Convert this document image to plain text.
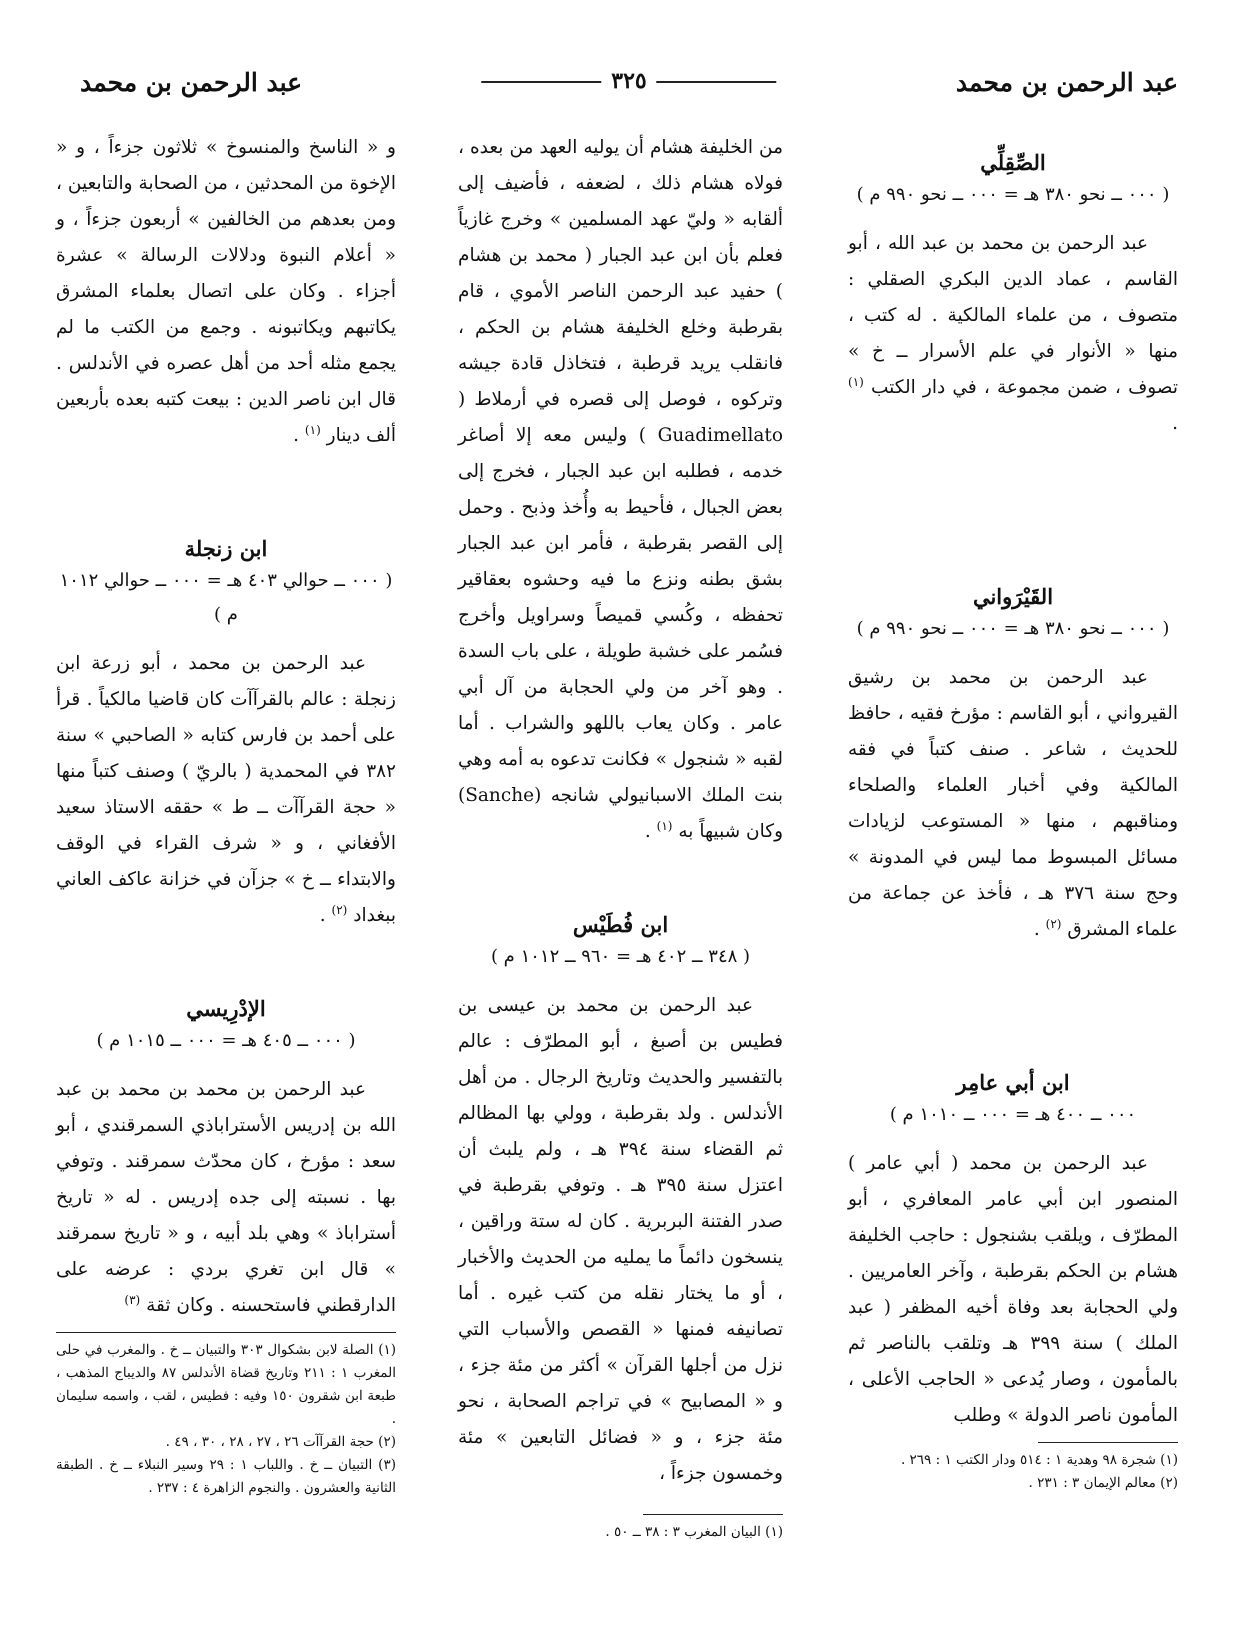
عبد الرحمن بن محمد
٣٢٥
عبد الرحمن بن محمد

الصِّقِلِّي

( ٠٠٠ ــ نحو ٣٨٠ هـ = ٠٠٠ ــ نحو ٩٩٠ م )

عبد الرحمن بن محمد بن عبد الله ، أبو القاسم ، عماد الدين البكري الصقلي : متصوف ، من علماء المالكية . له كتب ، منها « الأنوار في علم الأسرار ــ خ » تصوف ، ضمن مجموعة ، في دار الكتب $^{(١)}$ .

القَيْرَواني

( ٠٠٠ ــ نحو ٣٨٠ هـ = ٠٠٠ ــ نحو ٩٩٠ م )

عبد الرحمن بن محمد بن رشيق القيرواني ، أبو القاسم : مؤرخ فقيه ، حافظ للحديث ، شاعر . صنف كتباً في فقه المالكية وفي أخبار العلماء والصلحاء ومناقبهم ، منها « المستوعب لزيادات مسائل المبسوط مما ليس في المدونة » وحج سنة ٣٧٦ هـ ، فأخذ عن جماعة من علماء المشرق $^{(٢)}$ .

ابن أبي عامِر

٠٠٠ ــ ٤٠٠ هـ = ٠٠٠ ــ ١٠١٠ م )

عبد الرحمن بن محمد ( أبي عامر ) المنصور ابن أبي عامر المعافري ، أبو المطرّف ، ويلقب بشنجول : حاجب الخليفة هشام بن الحكم بقرطبة ، وآخر العامريين . ولي الحجابة بعد وفاة أخيه المظفر ( عبد الملك ) سنة ٣٩٩ هـ وتلقب بالناصر ثم بالمأمون ، وصار يُدعى « الحاجب الأعلى ، المأمون ناصر الدولة » وطلب

(١) شجرة ٩٨ وهدية ١ : ٥١٤ ودار الكتب ١ : ٢٦٩ .

(٢) معالم الإيمان ٣ : ٢٣١ .

من الخليفة هشام أن يوليه العهد من بعده ، فولاه هشام ذلك ، لضعفه ، فأضيف إلى ألقابه « وليّ عهد المسلمين » وخرج غازياً فعلم بأن ابن عبد الجبار ( محمد بن هشام ) حفيد عبد الرحمن الناصر الأموي ، قام بقرطبة وخلع الخليفة هشام بن الحكم ، فانقلب يريد قرطبة ، فتخاذل قادة جيشه وتركوه ، فوصل إلى قصره في أرملاط ( Guadimellato ) وليس معه إلا أصاغر خدمه ، فطلبه ابن عبد الجبار ، فخرج إلى بعض الجبال ، فأحيط به وأُخذ وذبح . وحمل إلى القصر بقرطبة ، فأمر ابن عبد الجبار بشق بطنه ونزع ما فيه وحشوه بعقاقير تحفظه ، وكُسي قميصاً وسراويل وأخرج فسُمر على خشبة طويلة ، على باب السدة . وهو آخر من ولي الحجابة من آل أبي عامر . وكان يعاب باللهو والشراب . أما لقبه « شنجول » فكانت تدعوه به أمه وهي بنت الملك الاسبانيولي شانجه (Sanche) وكان شبيهاً به $^{(١)}$ .

ابن فُطَيْس

( ٣٤٨ ــ ٤٠٢ هـ = ٩٦٠ ــ ١٠١٢ م )

عبد الرحمن بن محمد بن عيسى بن فطيس بن أصبغ ، أبو المطرّف : عالم بالتفسير والحديث وتاريخ الرجال . من أهل الأندلس . ولد بقرطبة ، وولي بها المظالم ثم القضاء سنة ٣٩٤ هـ ، ولم يلبث أن اعتزل سنة ٣٩٥ هـ . وتوفي بقرطبة في صدر الفتنة البربرية . كان له ستة وراقين ، ينسخون دائماً ما يمليه من الحديث والأخبار ، أو ما يختار نقله من كتب غيره . أما تصانيفه فمنها « القصص والأسباب التي نزل من أجلها القرآن » أكثر من مئة جزء ، و « المصابيح » في تراجم الصحابة ، نحو مئة جزء ، و « فضائل التابعين » مئة وخمسون جزءاً ،

(١) البيان المغرب ٣ : ٣٨ ــ ٥٠ .

و « الناسخ والمنسوخ » ثلاثون جزءاً ، و « الإخوة من المحدثين ، من الصحابة والتابعين ، ومن بعدهم من الخالفين » أربعون جزءاً ، و « أعلام النبوة ودلالات الرسالة » عشرة أجزاء . وكان على اتصال بعلماء المشرق يكاتبهم ويكاتبونه . وجمع من الكتب ما لم يجمع مثله أحد من أهل عصره في الأندلس . قال ابن ناصر الدين : بيعت كتبه بعده بأربعين ألف دينار $^{(١)}$ .

ابن زنجلة

( ٠٠٠ ــ حوالي ٤٠٣ هـ = ٠٠٠ ــ حوالي ١٠١٢ م )

عبد الرحمن بن محمد ، أبو زرعة ابن زنجلة : عالم بالقرآآت كان قاضيا مالكياً . قرأ على أحمد بن فارس كتابه « الصاحبي » سنة ٣٨٢ في المحمدية ( بالريّ ) وصنف كتباً منها « حجة القرآآت ــ ط » حققه الاستاذ سعيد الأفغاني ، و « شرف القراء في الوقف والابتداء ــ خ » جزآن في خزانة عاكف العاني ببغداد $^{(٢)}$ .

الإدْرِيسي

( ٠٠٠ ــ ٤٠٥ هـ = ٠٠٠ ــ ١٠١٥ م )

عبد الرحمن بن محمد بن محمد بن عبد الله بن إدريس الأستراباذي السمرقندي ، أبو سعد : مؤرخ ، كان محدّث سمرقند . وتوفي بها . نسبته إلى جده إدريس . له « تاريخ أستراباذ » وهي بلد أبيه ، و « تاريخ سمرقند » قال ابن تغري بردي : عرضه على الدارقطني فاستحسنه . وكان ثقة $^{(٣)}$

(١) الصلة لابن بشكوال ٣٠٣ والتبيان ــ خ . والمغرب في حلى المغرب ١ : ٢١١ وتاريخ قضاة الأندلس ٨٧ والديباج المذهب ، طبعة ابن شقرون ١٥٠ وفيه : فطيس ، لقب ، واسمه سليمان .

(٢) حجة القرآآت ٢٦ ، ٢٧ ، ٢٨ ، ٣٠ ، ٤٩ .

(٣) التبيان ــ خ . واللباب ١ : ٢٩ وسير النبلاء ــ خ . الطبقة الثانية والعشرون . والنجوم الزاهرة ٤ : ٢٣٧ .
